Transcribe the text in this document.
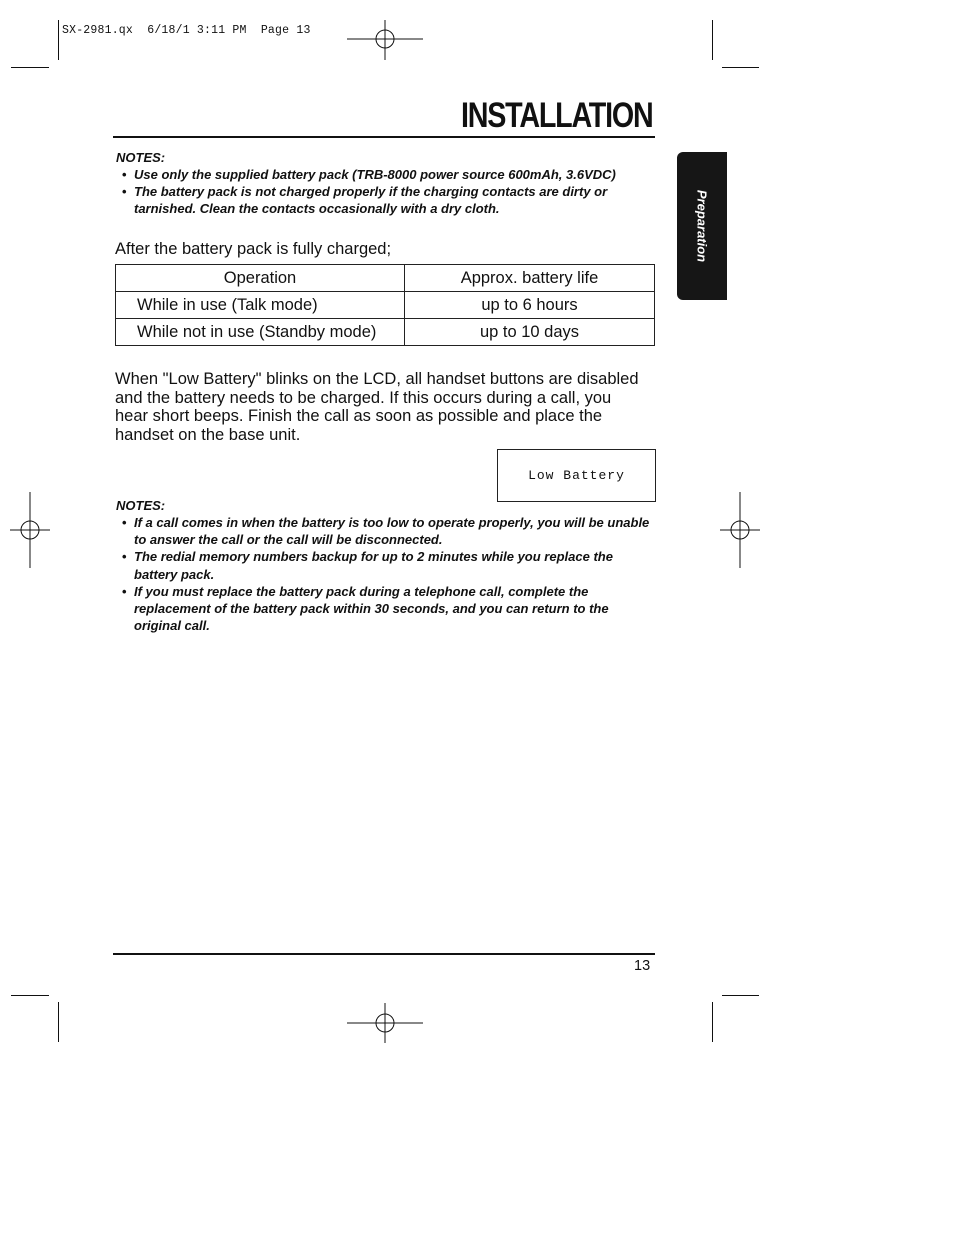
SX-2981.qx  6/18/1 3:11 PM  Page 13
INSTALLATION
Preparation
NOTES:
• Use only the supplied battery pack (TRB-8000 power source 600mAh, 3.6VDC)
• The battery pack is not charged properly if the charging contacts are dirty or tarnished. Clean the contacts occasionally with a dry cloth.
After the battery pack is fully charged;
Operation	Approx. battery life
While in use (Talk mode)	up to 6 hours
While not in use (Standby mode)	up to 10 days
When "Low Battery" blinks on the LCD, all handset buttons are disabled and the battery needs to be charged. If this occurs during a call, you hear short beeps. Finish the call as soon as possible and place the handset on the base unit.
Low Battery
NOTES:
• If a call comes in when the battery is too low to operate properly, you will be unable to answer the call or the call will be disconnected.
• The redial memory numbers backup for up to 2 minutes while you replace the battery pack.
• If you must replace the battery pack during a telephone call, complete the replacement of the battery pack within 30 seconds, and you can return to the original call.
13
